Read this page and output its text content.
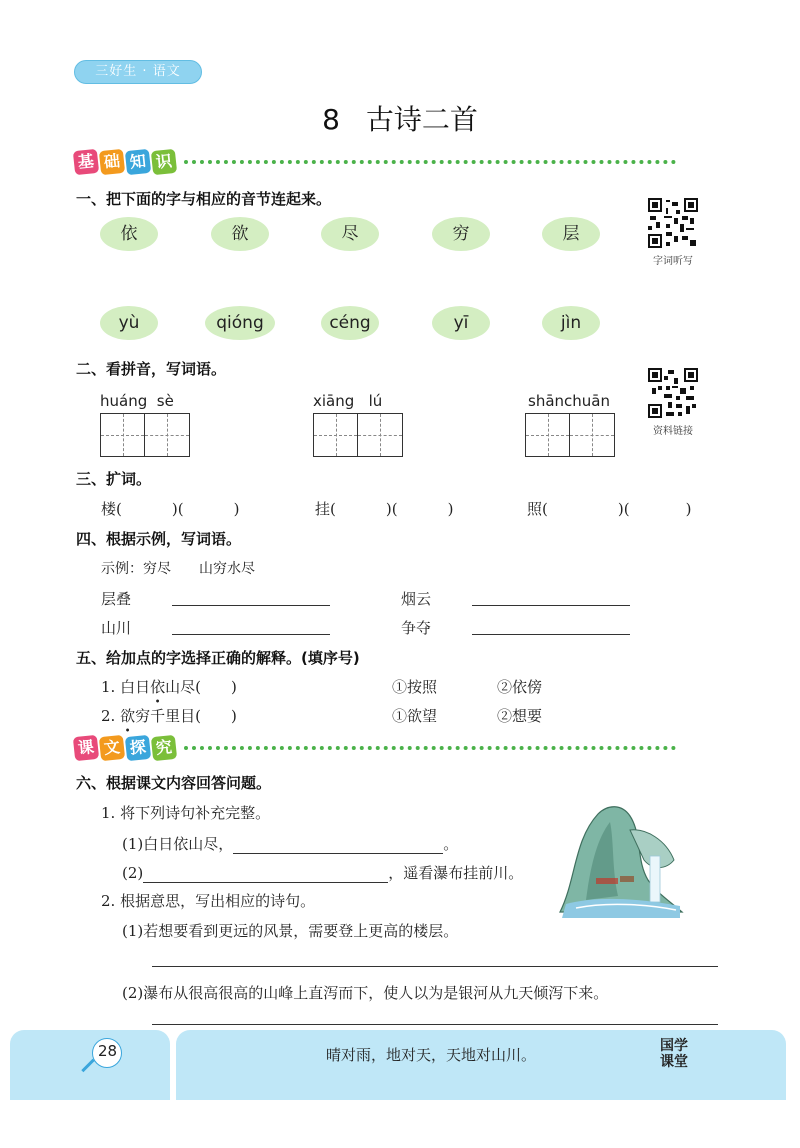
三好生 · 语文
8 古诗二首
基 础 知 识
一、把下面的字与相应的音节连起来。
依	欲	尽	穷	层
yù	qióng	céng	yī	jìn
字词听写
二、看拼音，写词语。
huáng sè	xiāng lú	shānchuān
资料链接
三、扩词。
楼(	)(	)	挂(	)(	)	照(	)(	)
四、根据示例，写词语。
示例：穷尽　　山穷水尽
层叠	烟云
山川	争夺
五、给加点的字选择正确的解释。(填序号)
1. 白日依山尽(　　)	①按照	②依傍
2. 欲穷千里目(　　)	①欲望	②想要
课 文 探 究
六、根据课文内容回答问题。
1. 将下列诗句补充完整。
(1)白日依山尽，	。
(2)	，遥看瀑布挂前川。
2. 根据意思，写出相应的诗句。
(1)若想要看到更远的风景，需要登上更高的楼层。
(2)瀑布从很高很高的山峰上直泻而下，使人以为是银河从九天倾泻下来。
28	晴对雨，地对天，天地对山川。	国学
课堂
